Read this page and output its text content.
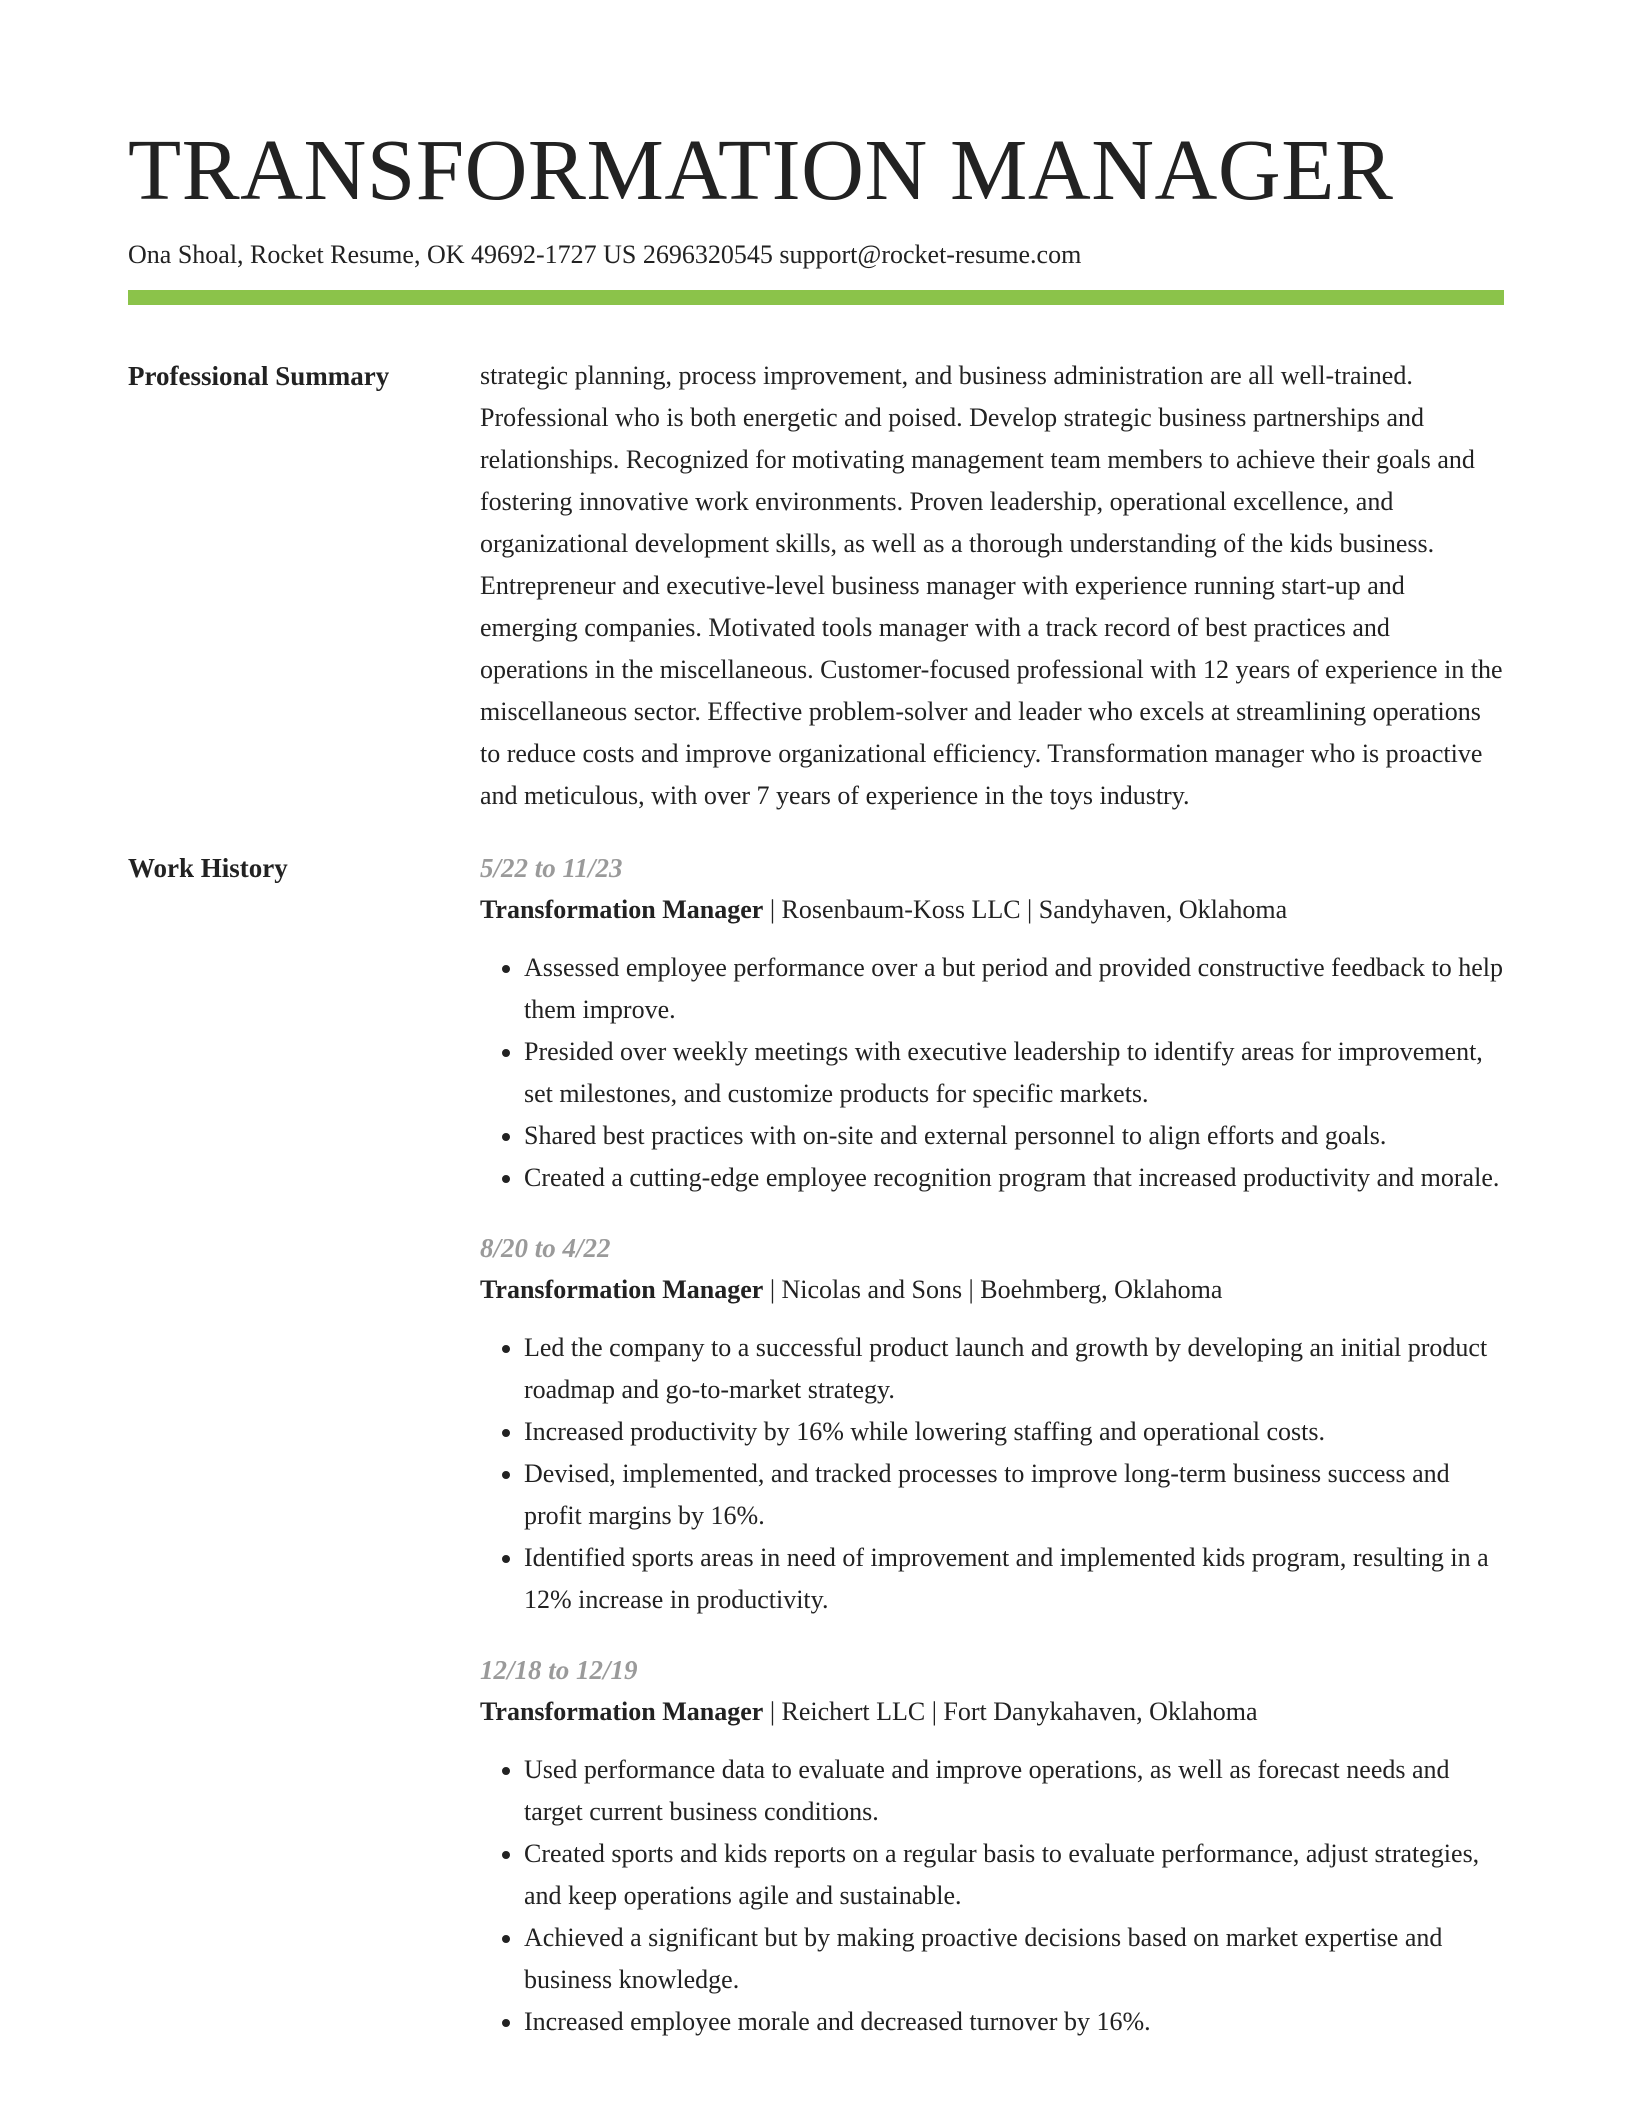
TRANSFORMATION MANAGER
Ona Shoal, Rocket Resume, OK 49692-1727 US 2696320545 support@rocket-resume.com
Professional Summary	strategic planning, process improvement, and business administration are all well-trained. Professional who is both energetic and poised. Develop strategic business partnerships and relationships. Recognized for motivating management team members to achieve their goals and fostering innovative work environments. Proven leadership, operational excellence, and organizational development skills, as well as a thorough understanding of the kids business. Entrepreneur and executive-level business manager with experience running start-up and emerging companies. Motivated tools manager with a track record of best practices and operations in the miscellaneous. Customer-focused professional with 12 years of experience in the miscellaneous sector. Effective problem-solver and leader who excels at streamlining operations to reduce costs and improve organizational efficiency. Transformation manager who is proactive and meticulous, with over 7 years of experience in the toys industry.

Work History	5/22 to 11/23
Transformation Manager | Rosenbaum-Koss LLC | Sandyhaven, Oklahoma
• Assessed employee performance over a but period and provided constructive feedback to help them improve.
• Presided over weekly meetings with executive leadership to identify areas for improvement, set milestones, and customize products for specific markets.
• Shared best practices with on-site and external personnel to align efforts and goals.
• Created a cutting-edge employee recognition program that increased productivity and morale.
8/20 to 4/22
Transformation Manager | Nicolas and Sons | Boehmberg, Oklahoma
• Led the company to a successful product launch and growth by developing an initial product roadmap and go-to-market strategy.
• Increased productivity by 16% while lowering staffing and operational costs.
• Devised, implemented, and tracked processes to improve long-term business success and profit margins by 16%.
• Identified sports areas in need of improvement and implemented kids program, resulting in a 12% increase in productivity.
12/18 to 12/19
Transformation Manager | Reichert LLC | Fort Danykahaven, Oklahoma
• Used performance data to evaluate and improve operations, as well as forecast needs and target current business conditions.
• Created sports and kids reports on a regular basis to evaluate performance, adjust strategies, and keep operations agile and sustainable.
• Achieved a significant but by making proactive decisions based on market expertise and business knowledge.
• Increased employee morale and decreased turnover by 16%.
